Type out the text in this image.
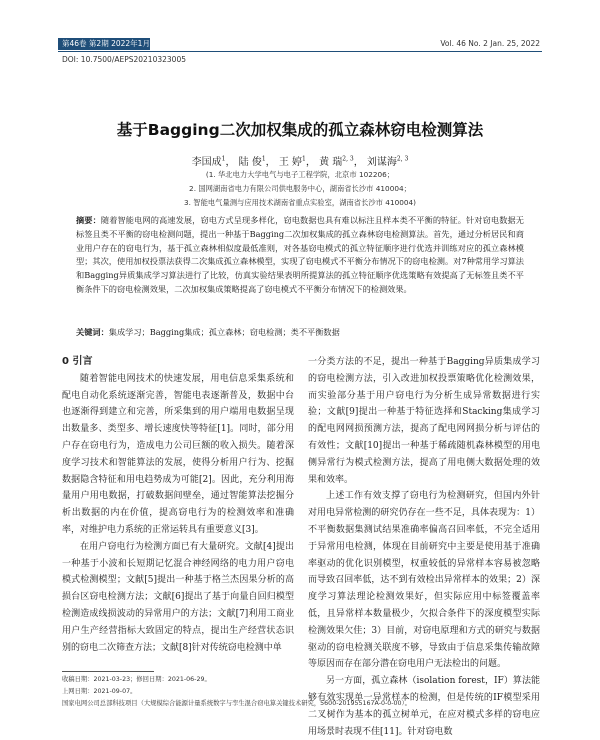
第46卷 第2期 2022年1月25日	Vol. 46 No. 2 Jan. 25, 2022
DOI: 10.7500/AEPS20210323005
基于Bagging二次加权集成的孤立森林窃电检测算法
李国成$^1$， 陆 俊$^1$， 王 婷$^1$， 黄 瑞$^{2, 3}$， 刘谋海$^{2, 3}$
(1. 华北电力大学电气与电子工程学院，北京市 102206；
2. 国网湖南省电力有限公司供电服务中心，湖南省长沙市 410004；
3. 智能电气量测与应用技术湖南省重点实验室，湖南省长沙市 410004)
摘要：随着智能电网的高速发展，窃电方式呈现多样化，窃电数据也具有难以标注且样本类不平衡的特征。针对窃电数据无标签且类不平衡的窃电检测问题，提出一种基于Bagging二次加权集成的孤立森林窃电检测算法。首先，通过分析居民和商业用户存在的窃电行为，基于孤立森林相似度最低准则，对各基窃电模式的孤立特征顺序进行优选并训练对应的孤立森林模型；其次，使用加权投票法获得二次集成孤立森林模型，实现了窃电模式不平衡分布情况下的窃电检测。对7种常用学习算法和Bagging异质集成学习算法进行了比较，仿真实验结果表明所提算法的孤立特征顺序优选策略有效提高了无标签且类不平衡条件下的窃电检测效果，二次加权集成策略提高了窃电模式不平衡分布情况下的检测效果。
关键词：集成学习；Bagging集成；孤立森林；窃电检测；类不平衡数据

0 引言

随着智能电网技术的快速发展，用电信息采集系统和配电自动化系统逐渐完善，智能电表逐渐普及，数据中台也逐渐得到建立和完善，所采集到的用户端用电数据呈现出数量多、类型多、增长速度快等特征[1]。同时，部分用户存在窃电行为，造成电力公司巨额的收入损失。随着深度学习技术和智能算法的发展，使得分析用户行为、挖掘数据隐含特征和用电趋势成为可能[2]。因此，充分利用海量用户用电数据，打破数据间壁垒，通过智能算法挖掘分析出数据的内在价值，提高窃电行为的检测效率和准确率，对维护电力系统的正常运转具有重要意义[3]。

在用户窃电行为检测方面已有大量研究。文献[4]提出一种基于小波和长短期记忆混合神经网络的电力用户窃电模式检测模型；文献[5]提出一种基于格兰杰因果分析的高损台区窃电检测方法；文献[6]提出了基于向量自回归模型检测造成线损波动的异常用户的方法；文献[7]利用工商业用户生产经营指标大致固定的特点，提出生产经营状态识别的窃电二次筛查方法；文献[8]针对传统窃电检测中单

一分类方法的不足，提出一种基于Bagging异质集成学习的窃电检测方法，引入改进加权投票策略优化检测效果，而实验部分基于用户窃电行为分析生成异常数据进行实验；文献[9]提出一种基于特征选择和Stacking集成学习的配电网网损预测方法，提高了配电网网损分析与评估的有效性；文献[10]提出一种基于稀疏随机森林模型的用电侧异常行为模式检测方法，提高了用电侧大数据处理的效果和效率。

上述工作有效支撑了窃电行为检测研究，但国内外针对用电异常检测的研究仍存在一些不足，具体表现为：1）不平衡数据集测试结果准确率偏高召回率低，不完全适用于异常用电检测，体现在目前研究中主要是使用基于准确率驱动的优化识别模型，权重较低的异常样本容易被忽略而导致召回率低，达不到有效检出异常样本的效果；2）深度学习算法理论检测效果好，但实际应用中标签覆盖率低，且异常样本数量极少，欠拟合条件下的深度模型实际检测效果欠佳；3）目前，对窃电原理和方式的研究与数据驱动的窃电检测关联度不够，导致由于信息采集传输故障等原因而存在部分潜在窃电用户无法检出的问题。

另一方面，孤立森林（isolation forest，IF）算法能够有效实现单一异常样本的检测，但是传统的IF模型采用二叉树作为基本的孤立树单元，在应对模式多样的窃电应用场景时表现不佳[11]。针对窃电数

收稿日期：2021-03-23；修回日期：2021-06-29。
上网日期：2021-09-07。
国家电网公司总部科技项目（大规模综合能源计量系统数字与孪生混合窃电算关键技术研究，5600-201955167A-0-0-00）。
